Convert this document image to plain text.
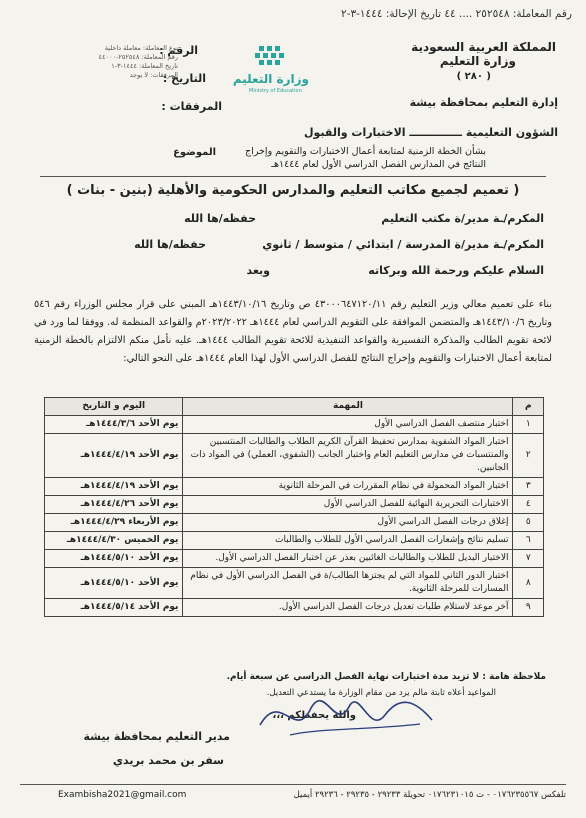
رقم المعاملة: ٢٥٢٥٤٨ .... ٤٤ تاريخ الإحالة: ١٤٤٤-٣-٢
المملكة العربية السعودية
وزارة التعليم
( ٢٨٠ )
إدارة التعليم بمحافظة بيشة
الشؤون التعليمية ــــــــــــــ الاختبارات والقبول
وزارة التعليم
Ministry of Education
الرقم :
التاريخ :
المرفقات :
نوع المعاملة: معاملة داخلية
رقم المعاملة: ٢٥٢٥٤٨-٤٤٠٠٠
تاريخ المعاملة: ١٤٤٤-٣-١
المرفقات: لا يوجد
الموضوع	بشأن الخطة الزمنية لمتابعة أعمال الاختبارات والتقويم وإخراج النتائج في المدارس الفصل الدراسي الأول لعام ١٤٤٤هـ
( تعميم لجميع مكاتب التعليم والمدارس الحكومية والأهلية (بنين - بنات )
المكرم/ـة مدير/ة مكتب التعليم
حفظه/ها الله
المكرم/ـة مدير/ة المدرسة / ابتدائي / متوسط / ثانوي
حفظه/ها الله
السلام عليكم ورحمة الله وبركاته
وبعد
بناء على تعميم معالي وزير التعليم رقم ٤٣٠٠٠٦٤٧١٢٠/١١ ص وتاريخ ١٤٤٣/١٠/١٦هـ المبني على قرار مجلس الوزراء رقم ٥٤٦ وتاريخ ١٤٤٣/١٠/٦هـ والمتضمن الموافقة على التقويم الدراسي لعام ١٤٤٤هـ ٢٠٢٣/٢٠٢٢م والقواعد المنظمة له. ووفقا لما ورد في لائحة تقويم الطالب والمذكرة التفسيرية والقواعد التنفيذية للائحة تقويم الطالب ١٤٤٤هـ. عليه نأمل منكم الالتزام بالخطة الزمنية لمتابعة أعمال الاختبارات والتقويم وإخراج النتائج للفصل الدراسي الأول لهذا العام ١٤٤٤هـ على النحو التالي:
م	المهمة	اليوم و التاريخ
١	اختبار منتصف الفصل الدراسي الأول	يوم الأحد ١٤٤٤/٣/٦هـ
٢	اختبار المواد الشفوية بمدارس تحفيظ القرآن الكريم الطلاب والطالبات المنتسبين والمنتسبات في مدارس التعليم العام واختبار الجانب (الشفوي، العملي) في المواد ذات الجانبين.	يوم الأحد ١٤٤٤/٤/١٩هـ
٣	اختبار المواد المحمولة في نظام المقررات في المرحلة الثانوية	يوم الأحد ١٤٤٤/٤/١٩هـ
٤	الاختبارات التحريرية النهائية للفصل الدراسي الأول	يوم الأحد ١٤٤٤/٤/٢٦هـ
٥	إغلاق درجات الفصل الدراسي الأول	يوم الأربعاء ١٤٤٤/٤/٢٩هـ
٦	تسليم نتائج وإشعارات الفصل الدراسي الأول للطلاب والطالبات	يوم الخميس ١٤٤٤/٤/٣٠هـ
٧	الاختبار البديل للطلاب والطالبات الغائبين بعذر عن اختبار الفصل الدراسي الأول.	يوم الأحد ١٤٤٤/٥/١٠هـ
٨	اختبار الدور الثاني للمواد التي لم يجتزها الطالب/ة في الفصل الدراسي الأول في نظام المسارات للمرحلة الثانوية.	يوم الأحد ١٤٤٤/٥/١٠هـ
٩	آخر موعد لاستلام طلبات تعديل درجات الفصل الدراسي الأول.	يوم الأحد ١٤٤٤/٥/١٤هـ
ملاحظة هامة : لا تزيد مدة اختبارات نهاية الفصل الدراسي عن سبعة أيام.
المواعيد أعلاه ثابتة مالم يرد من مقام الوزارة ما يستدعي التعديل.
والله يحفظكم ،،،
مدير التعليم بمحافظة بيشة
سفر بن محمد بريدي
تلفكس ٠١٧٦٢٣٥٥٦٧ - ت ٠١٧٦٢٣١٠١٥ تحويلة ٢٩٢٣٣ - ٢٩٢٣٥ - ٢٩٢٣٦ أيميل
Exambisha2021@gmail.com
